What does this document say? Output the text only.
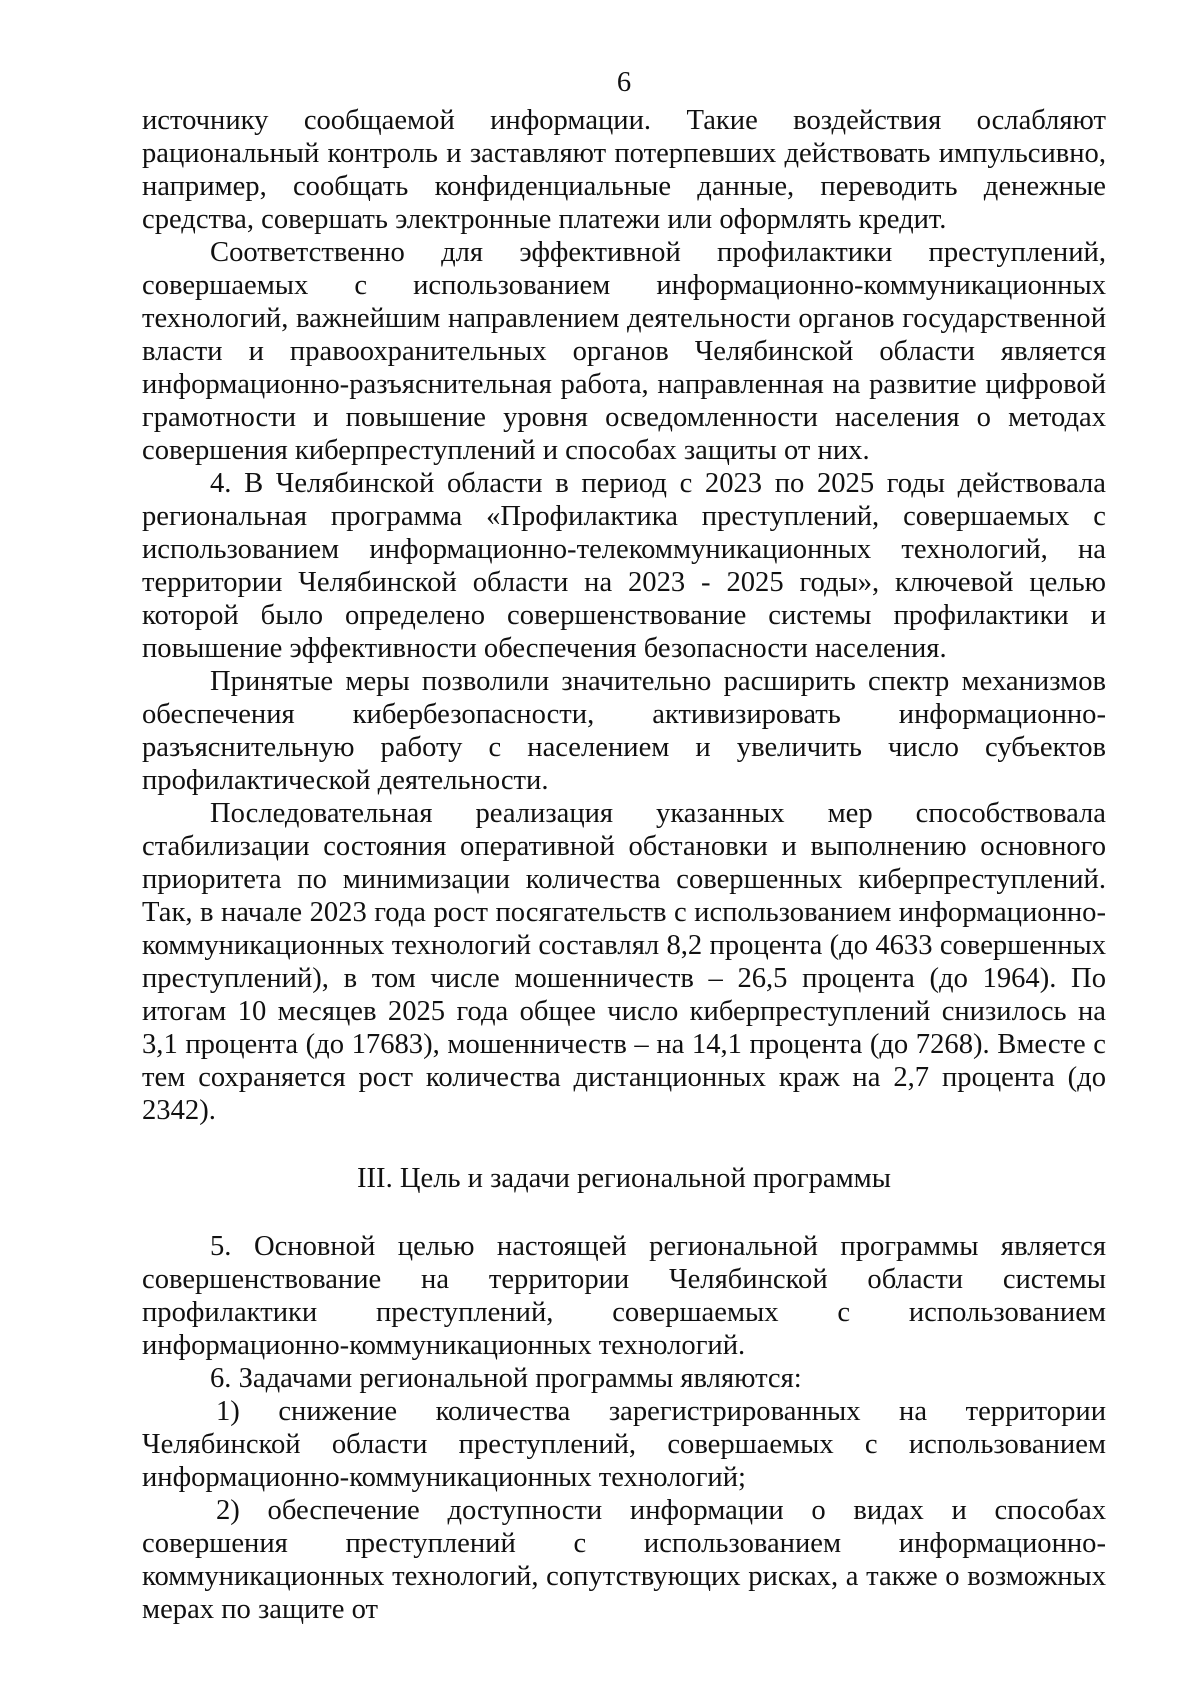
6

источнику сообщаемой информации. Такие воздействия ослабляют рациональный контроль и заставляют потерпевших действовать импульсивно, например, сообщать конфиденциальные данные, переводить денежные средства, совершать электронные платежи или оформлять кредит.

Соответственно для эффективной профилактики преступлений, совершаемых с использованием информационно-коммуникационных технологий, важнейшим направлением деятельности органов государственной власти и правоохранительных органов Челябинской области является информационно-разъяснительная работа, направленная на развитие цифровой грамотности и повышение уровня осведомленности населения о методах совершения киберпреступлений и способах защиты от них.

4. В Челябинской области в период с 2023 по 2025 годы действовала региональная программа «Профилактика преступлений, совершаемых с использованием информационно-телекоммуникационных технологий, на территории Челябинской области на 2023 - 2025 годы», ключевой целью которой было определено совершенствование системы профилактики и повышение эффективности обеспечения безопасности населения.

Принятые меры позволили значительно расширить спектр механизмов обеспечения кибербезопасности, активизировать информационно-разъяснительную работу с населением и увеличить число субъектов профилактической деятельности.

Последовательная реализация указанных мер способствовала стабилизации состояния оперативной обстановки и выполнению основного приоритета по минимизации количества совершенных киберпреступлений. Так, в начале 2023 года рост посягательств с использованием информационно-коммуникационных технологий составлял 8,2 процента (до 4633 совершенных преступлений), в том числе мошенничеств – 26,5 процента (до 1964). По итогам 10 месяцев 2025 года общее число киберпреступлений снизилось на 3,1 процента (до 17683), мошенничеств – на 14,1 процента (до 7268). Вместе с тем сохраняется рост количества дистанционных краж на 2,7 процента (до 2342).

III. Цель и задачи региональной программы

5. Основной целью настоящей региональной программы является совершенствование на территории Челябинской области системы профилактики преступлений, совершаемых с использованием информационно-коммуникационных технологий.

6. Задачами региональной программы являются:

1) снижение количества зарегистрированных на территории Челябинской области преступлений, совершаемых с использованием информационно-коммуникационных технологий;

2) обеспечение доступности информации о видах и способах совершения преступлений с использованием информационно-коммуникационных технологий, сопутствующих рисках, а также о возможных мерах по защите от
